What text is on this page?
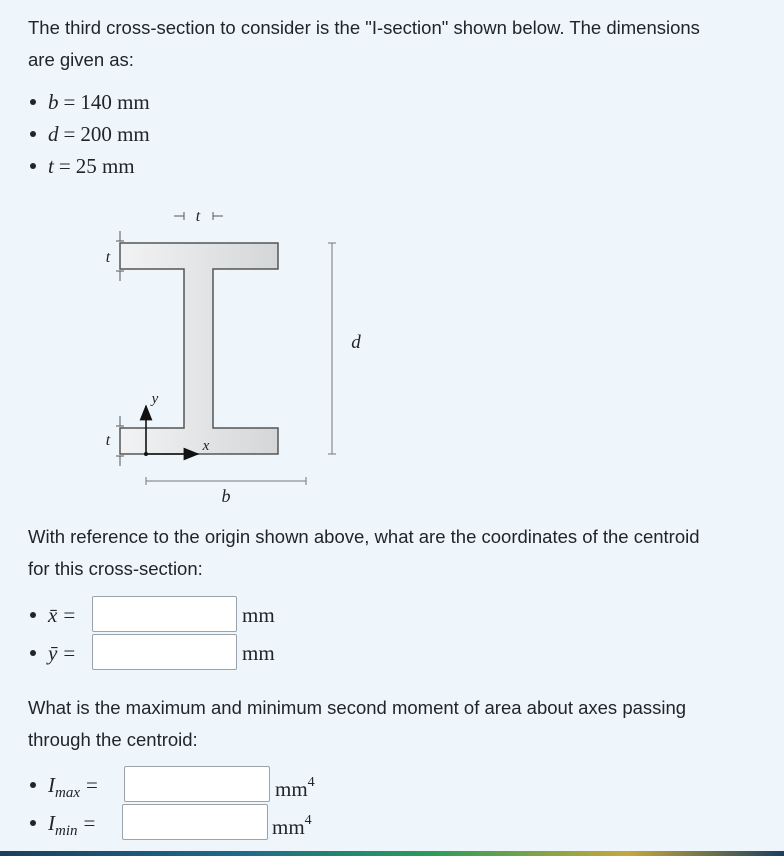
The third cross-section to consider is the "I-section" shown below. The dimensions
are given as:

b = 140 mm
d = 200 mm
t = 25 mm
t
t
t
d
b
x
y

With reference to the origin shown above, what are the coordinates of the centroid
for this cross-section:

x̄ =	mm
ȳ =	mm

What is the maximum and minimum second moment of area about axes passing
through the centroid:

$I_{max}$ =	$mm^4$
$I_{min}$ =	$mm^4$
